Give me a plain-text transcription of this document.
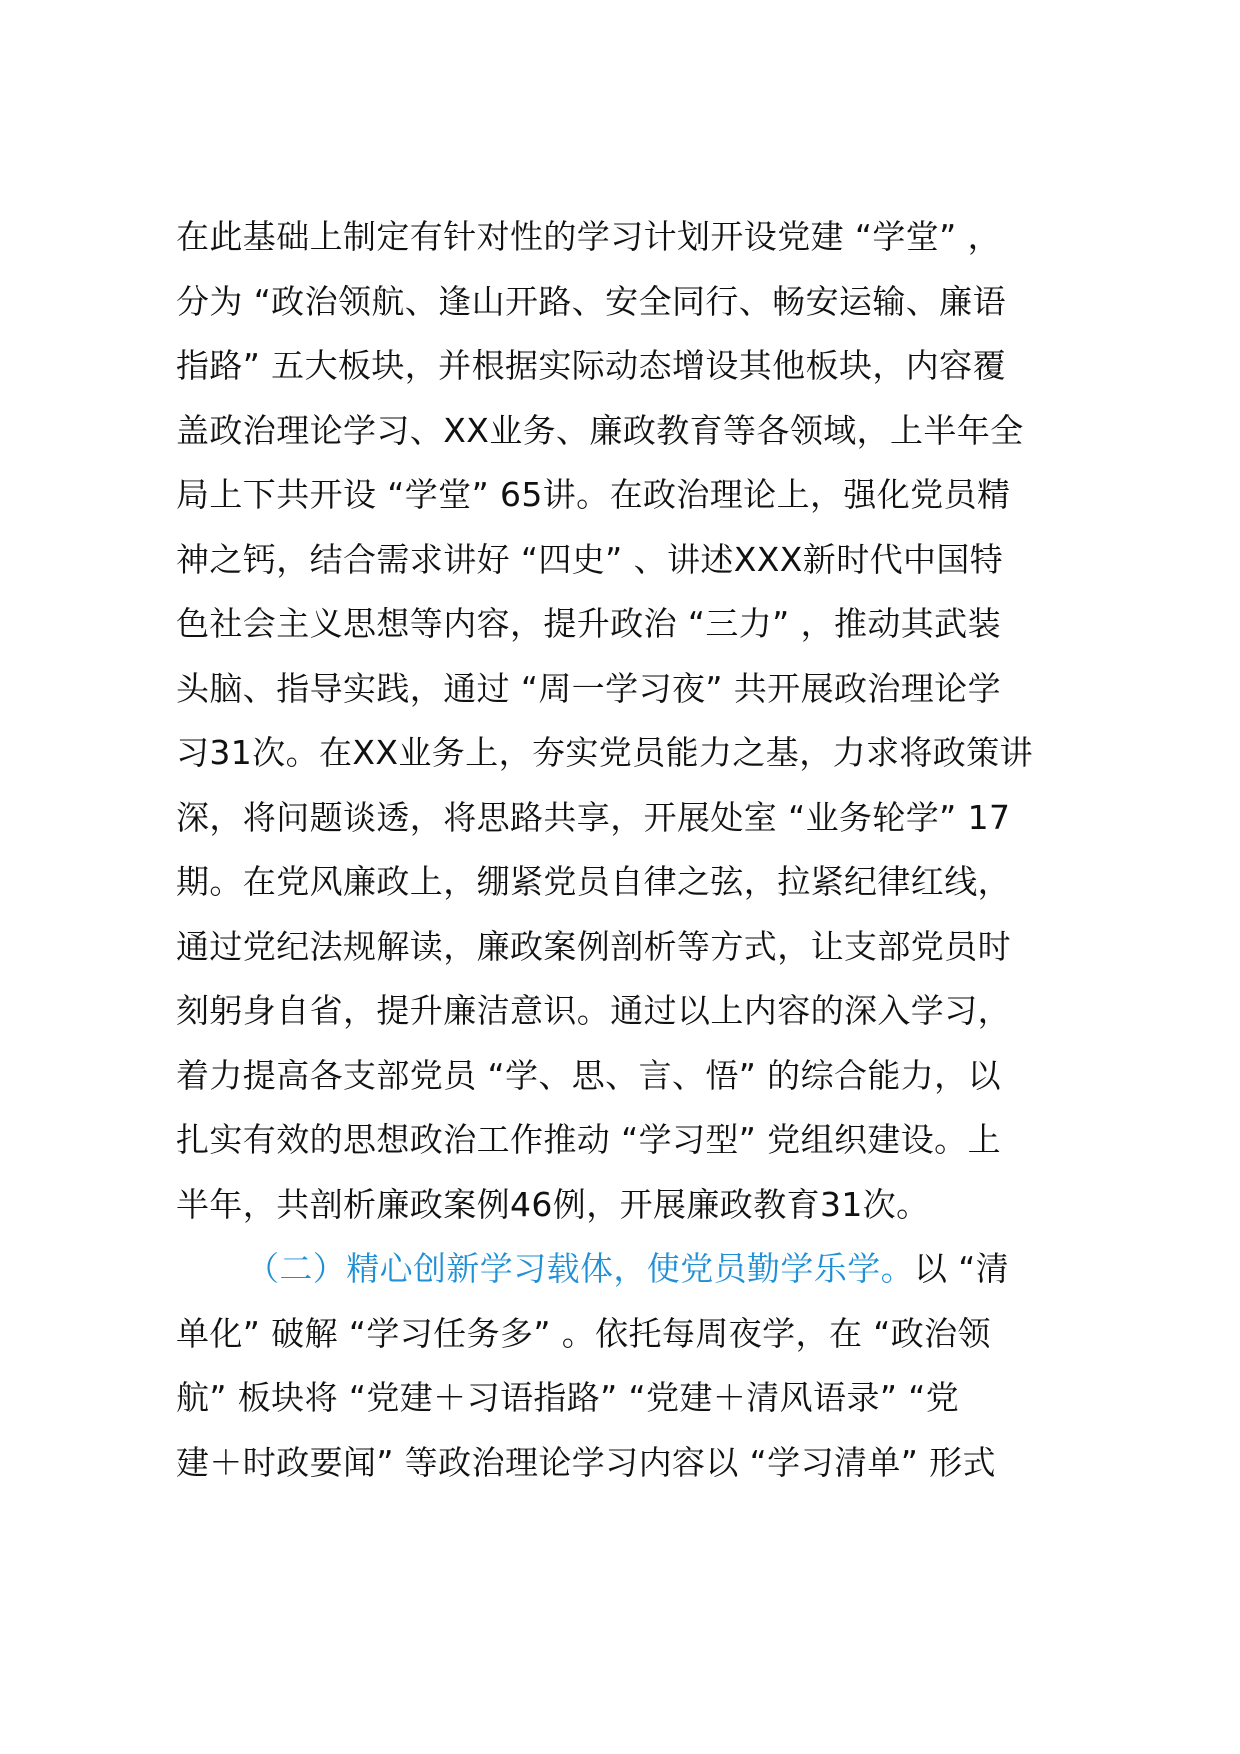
在此基础上制定有针对性的学习计划开设党建 “学堂” ，
分为 “政治领航、逢山开路、安全同行、畅安运输、廉语
指路” 五大板块，并根据实际动态增设其他板块，内容覆
盖政治理论学习、XX业务、廉政教育等各领域，上半年全
局上下共开设 “学堂” 65讲。在政治理论上，强化党员精
神之钙，结合需求讲好 “四史” 、讲述XXX新时代中国特
色社会主义思想等内容，提升政治 “三力” ，推动其武装
头脑、指导实践，通过 “周一学习夜” 共开展政治理论学
习31次。在XX业务上，夯实党员能力之基，力求将政策讲
深，将问题谈透，将思路共享，开展处室 “业务轮学” 17
期。在党风廉政上，绷紧党员自律之弦，拉紧纪律红线，
通过党纪法规解读，廉政案例剖析等方式，让支部党员时
刻躬身自省，提升廉洁意识。通过以上内容的深入学习，
着力提高各支部党员 “学、思、言、悟” 的综合能力，以
扎实有效的思想政治工作推动 “学习型” 党组织建设。上
半年，共剖析廉政案例46例，开展廉政教育31次。
（二）精心创新学习载体，使党员勤学乐学。以 “清
单化” 破解 “学习任务多” 。依托每周夜学，在 “政治领
航” 板块将 “党建＋习语指路” “党建＋清风语录” “党
建＋时政要闻” 等政治理论学习内容以 “学习清单” 形式
